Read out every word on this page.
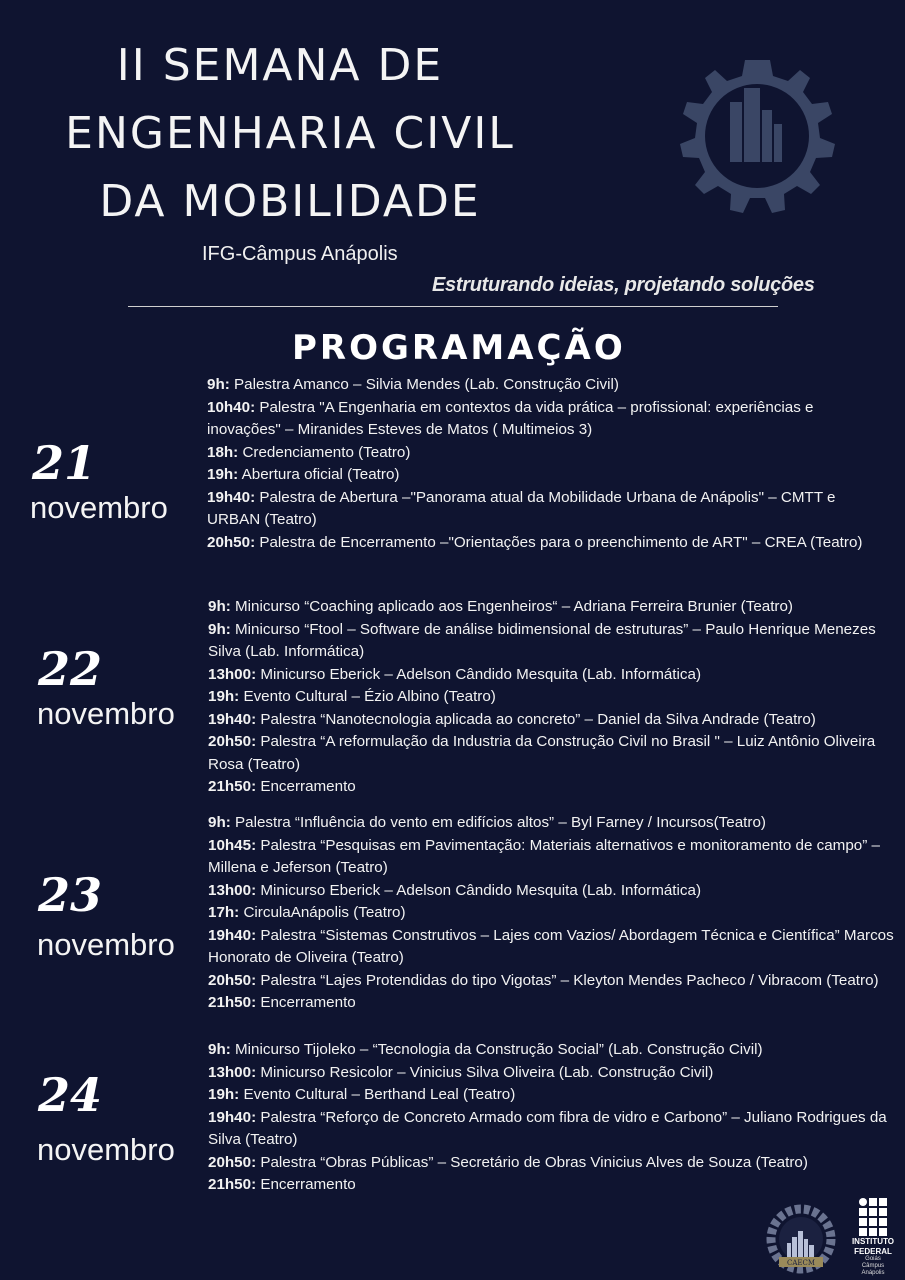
II SEMANA DE
ENGENHARIA CIVIL
DA MOBILIDADE
IFG-Câmpus Anápolis
Estruturando ideias, projetando soluções
PROGRAMAÇÃO
21
novembro

9h: Palestra Amanco – Silvia Mendes (Lab. Construção Civil)

10h40: Palestra "A Engenharia em contextos da vida prática – profissional: experiências e inovações" – Miranides Esteves de Matos ( Multimeios 3)

18h: Credenciamento (Teatro)

19h: Abertura oficial (Teatro)

19h40: Palestra de Abertura –"Panorama atual da Mobilidade Urbana de Anápolis" – CMTT e URBAN (Teatro)

20h50: Palestra de Encerramento –"Orientações para o preenchimento de ART" – CREA (Teatro)

22
novembro

9h: Minicurso “Coaching aplicado aos Engenheiros“ – Adriana Ferreira Brunier (Teatro)

9h: Minicurso “Ftool – Software de análise bidimensional de estruturas” – Paulo Henrique Menezes Silva (Lab. Informática)

13h00: Minicurso Eberick – Adelson Cândido Mesquita (Lab. Informática)

19h: Evento Cultural – Ézio Albino (Teatro)

19h40: Palestra “Nanotecnologia aplicada ao concreto” – Daniel da Silva Andrade (Teatro)

20h50: Palestra “A reformulação da Industria da Construção Civil no Brasil " – Luiz Antônio Oliveira Rosa (Teatro)

21h50: Encerramento

23
novembro

9h: Palestra “Influência do vento em edifícios altos” – Byl Farney / Incursos(Teatro)

10h45: Palestra “Pesquisas em Pavimentação: Materiais alternativos e monitoramento de campo” – Millena e Jeferson (Teatro)

13h00: Minicurso Eberick – Adelson Cândido Mesquita (Lab. Informática)

17h: CirculaAnápolis (Teatro)

19h40: Palestra “Sistemas Construtivos – Lajes com Vazios/ Abordagem Técnica e Científica” Marcos Honorato de Oliveira (Teatro)

20h50: Palestra “Lajes Protendidas do tipo Vigotas” – Kleyton Mendes Pacheco / Vibracom (Teatro)

21h50: Encerramento

24
novembro

9h: Minicurso Tijoleko – “Tecnologia da Construção Social” (Lab. Construção Civil)

13h00: Minicurso Resicolor – Vinicius Silva Oliveira (Lab. Construção Civil)

19h: Evento Cultural – Berthand Leal (Teatro)

19h40: Palestra “Reforço de Concreto Armado com fibra de vidro e Carbono” – Juliano Rodrigues da Silva (Teatro)

20h50: Palestra “Obras Públicas” – Secretário de Obras Vinicius Alves de Souza (Teatro)

21h50: Encerramento

CAECM
INSTITUTO
FEDERAL
Goiás
Câmpus
Anápolis
